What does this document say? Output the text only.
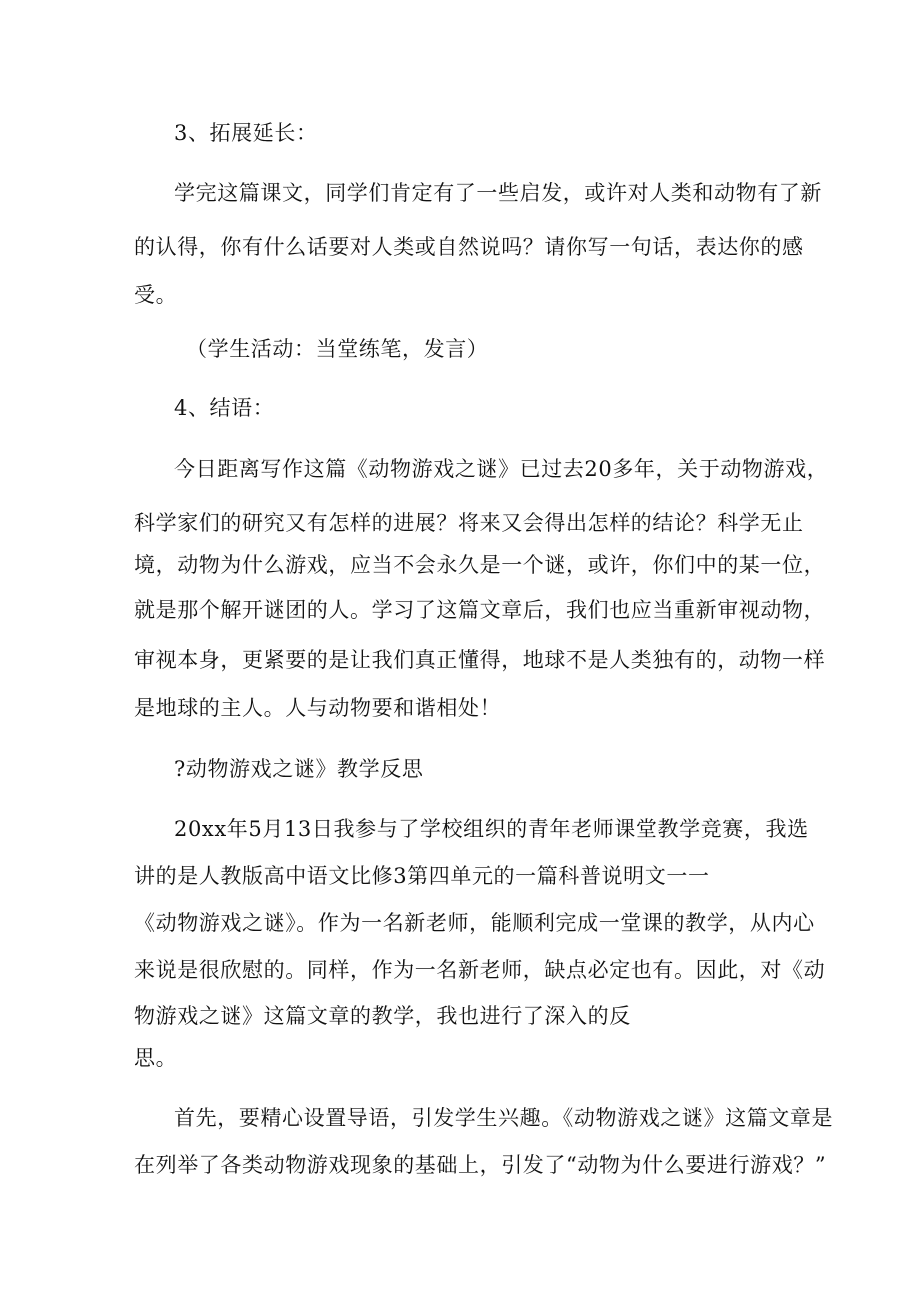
3、拓展延长：

学完这篇课文，同学们肯定有了一些启发，或许对人类和动物有了新

的认得，你有什么话要对人类或自然说吗？请你写一句话，表达你的感

受。

（学生活动：当堂练笔，发言）

4、结语：

今日距离写作这篇《动物游戏之谜》已过去20多年，关于动物游戏，

科学家们的研究又有怎样的进展？将来又会得出怎样的结论？科学无止

境，动物为什么游戏，应当不会永久是一个谜，或许，你们中的某一位，

就是那个解开谜团的人。学习了这篇文章后，我们也应当重新审视动物，

审视本身，更紧要的是让我们真正懂得，地球不是人类独有的，动物一样

是地球的主人。人与动物要和谐相处！

?动物游戏之谜》教学反思

20xx年5月13日我参与了学校组织的青年老师课堂教学竞赛，我选

讲的是人教版高中语文比修3第四单元的一篇科普说明文一一

《动物游戏之谜》。作为一名新老师，能顺利完成一堂课的教学，从内心

来说是很欣慰的。同样，作为一名新老师，缺点必定也有。因此，对《动

物游戏之谜》这篇文章的教学，我也进行了深入的反

思。

首先，要精心设置导语，引发学生兴趣。《动物游戏之谜》这篇文章是

在列举了各类动物游戏现象的基础上，引发了“动物为什么要进行游戏？”
